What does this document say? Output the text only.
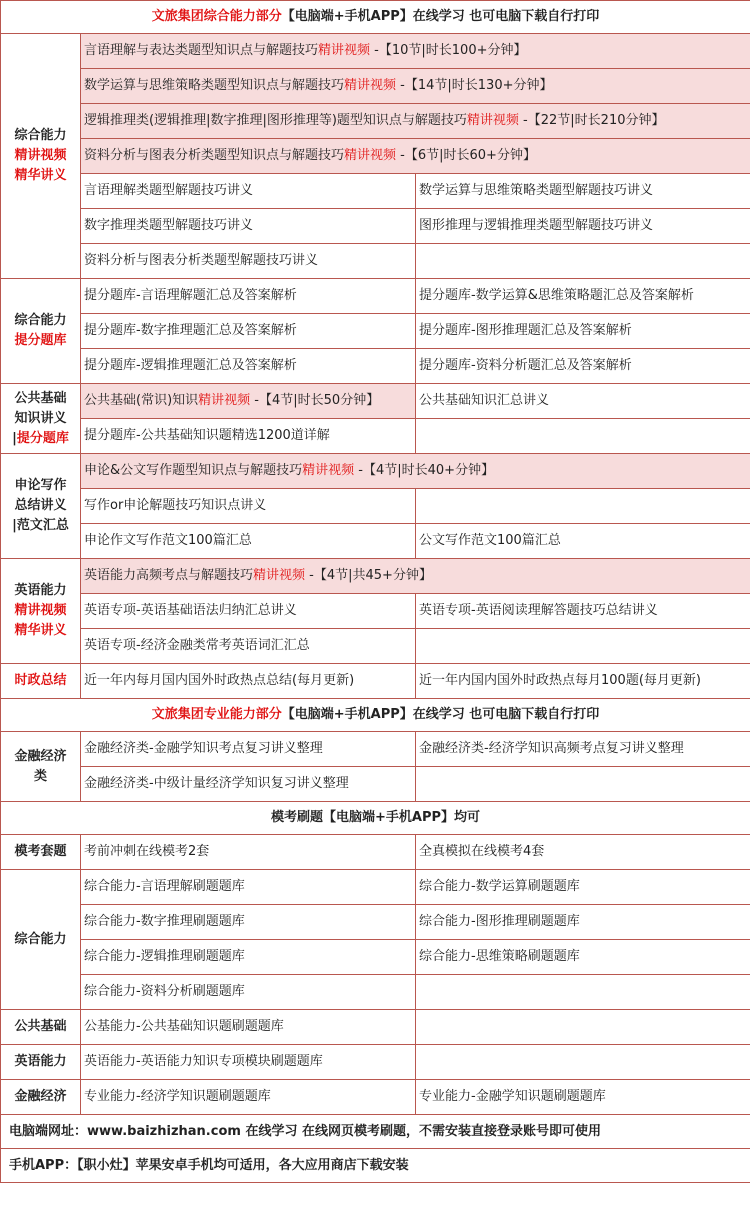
文旅集团综合能力部分【电脑端+手机APP】在线学习 也可电脑下载自行打印		

综合能力
精讲视频
精华讲义	言语理解与表达类题型知识点与解题技巧精讲视频 -【10节|时长100+分钟】	
	数学运算与思维策略类题型知识点与解题技巧精讲视频 -【14节|时长130+分钟】	
	逻辑推理类(逻辑推理|数字推理|图形推理等)题型知识点与解题技巧精讲视频 -【22节|时长210分钟】	
	资料分析与图表分析类题型知识点与解题技巧精讲视频 -【6节|时长60+分钟】	
	言语理解类题型解题技巧讲义	数学运算与思维策略类题型解题技巧讲义
	数字推理类题型解题技巧讲义	图形推理与逻辑推理类题型解题技巧讲义
	资料分析与图表分析类题型解题技巧讲义	

综合能力
提分题库	提分题库-言语理解题汇总及答案解析	提分题库-数学运算&思维策略题汇总及答案解析
	提分题库-数字推理题汇总及答案解析	提分题库-图形推理题汇总及答案解析
	提分题库-逻辑推理题汇总及答案解析	提分题库-资料分析题汇总及答案解析

公共基础
知识讲义
|提分题库	公共基础(常识)知识精讲视频 -【4节|时长50分钟】	公共基础知识汇总讲义
	提分题库-公共基础知识题精选1200道详解	

申论写作
总结讲义
|范文汇总	申论&公文写作题型知识点与解题技巧精讲视频 -【4节|时长40+分钟】	
	写作or申论解题技巧知识点讲义	
	申论作文写作范文100篇汇总	公文写作范文100篇汇总

英语能力
精讲视频
精华讲义	英语能力高频考点与解题技巧精讲视频 -【4节|共45+分钟】	
	英语专项-英语基础语法归纳汇总讲义	英语专项-英语阅读理解答题技巧总结讲义
	英语专项-经济金融类常考英语词汇汇总	
时政总结	近一年内每月国内国外时政热点总结(每月更新)	近一年内国内国外时政热点每月100题(每月更新)
文旅集团专业能力部分【电脑端+手机APP】在线学习 也可电脑下载自行打印		

金融经济
类	金融经济类-金融学知识考点复习讲义整理	金融经济类-经济学知识高频考点复习讲义整理
	金融经济类-中级计量经济学知识复习讲义整理	
模考刷题【电脑端+手机APP】均可		
模考套题	考前冲刺在线模考2套	全真模拟在线模考4套
综合能力	综合能力-言语理解刷题题库	综合能力-数学运算刷题题库
	综合能力-数字推理刷题题库	综合能力-图形推理刷题题库
	综合能力-逻辑推理刷题题库	综合能力-思维策略刷题题库
	综合能力-资料分析刷题题库	
公共基础	公基能力-公共基础知识题刷题题库	
英语能力	英语能力-英语能力知识专项模块刷题题库	
金融经济	专业能力-经济学知识题刷题题库	专业能力-金融学知识题刷题题库
电脑端网址：www.baizhizhan.com 在线学习 在线网页模考刷题，不需安装直接登录账号即可使用		
手机APP：【职小灶】苹果安卓手机均可适用，各大应用商店下载安装		
